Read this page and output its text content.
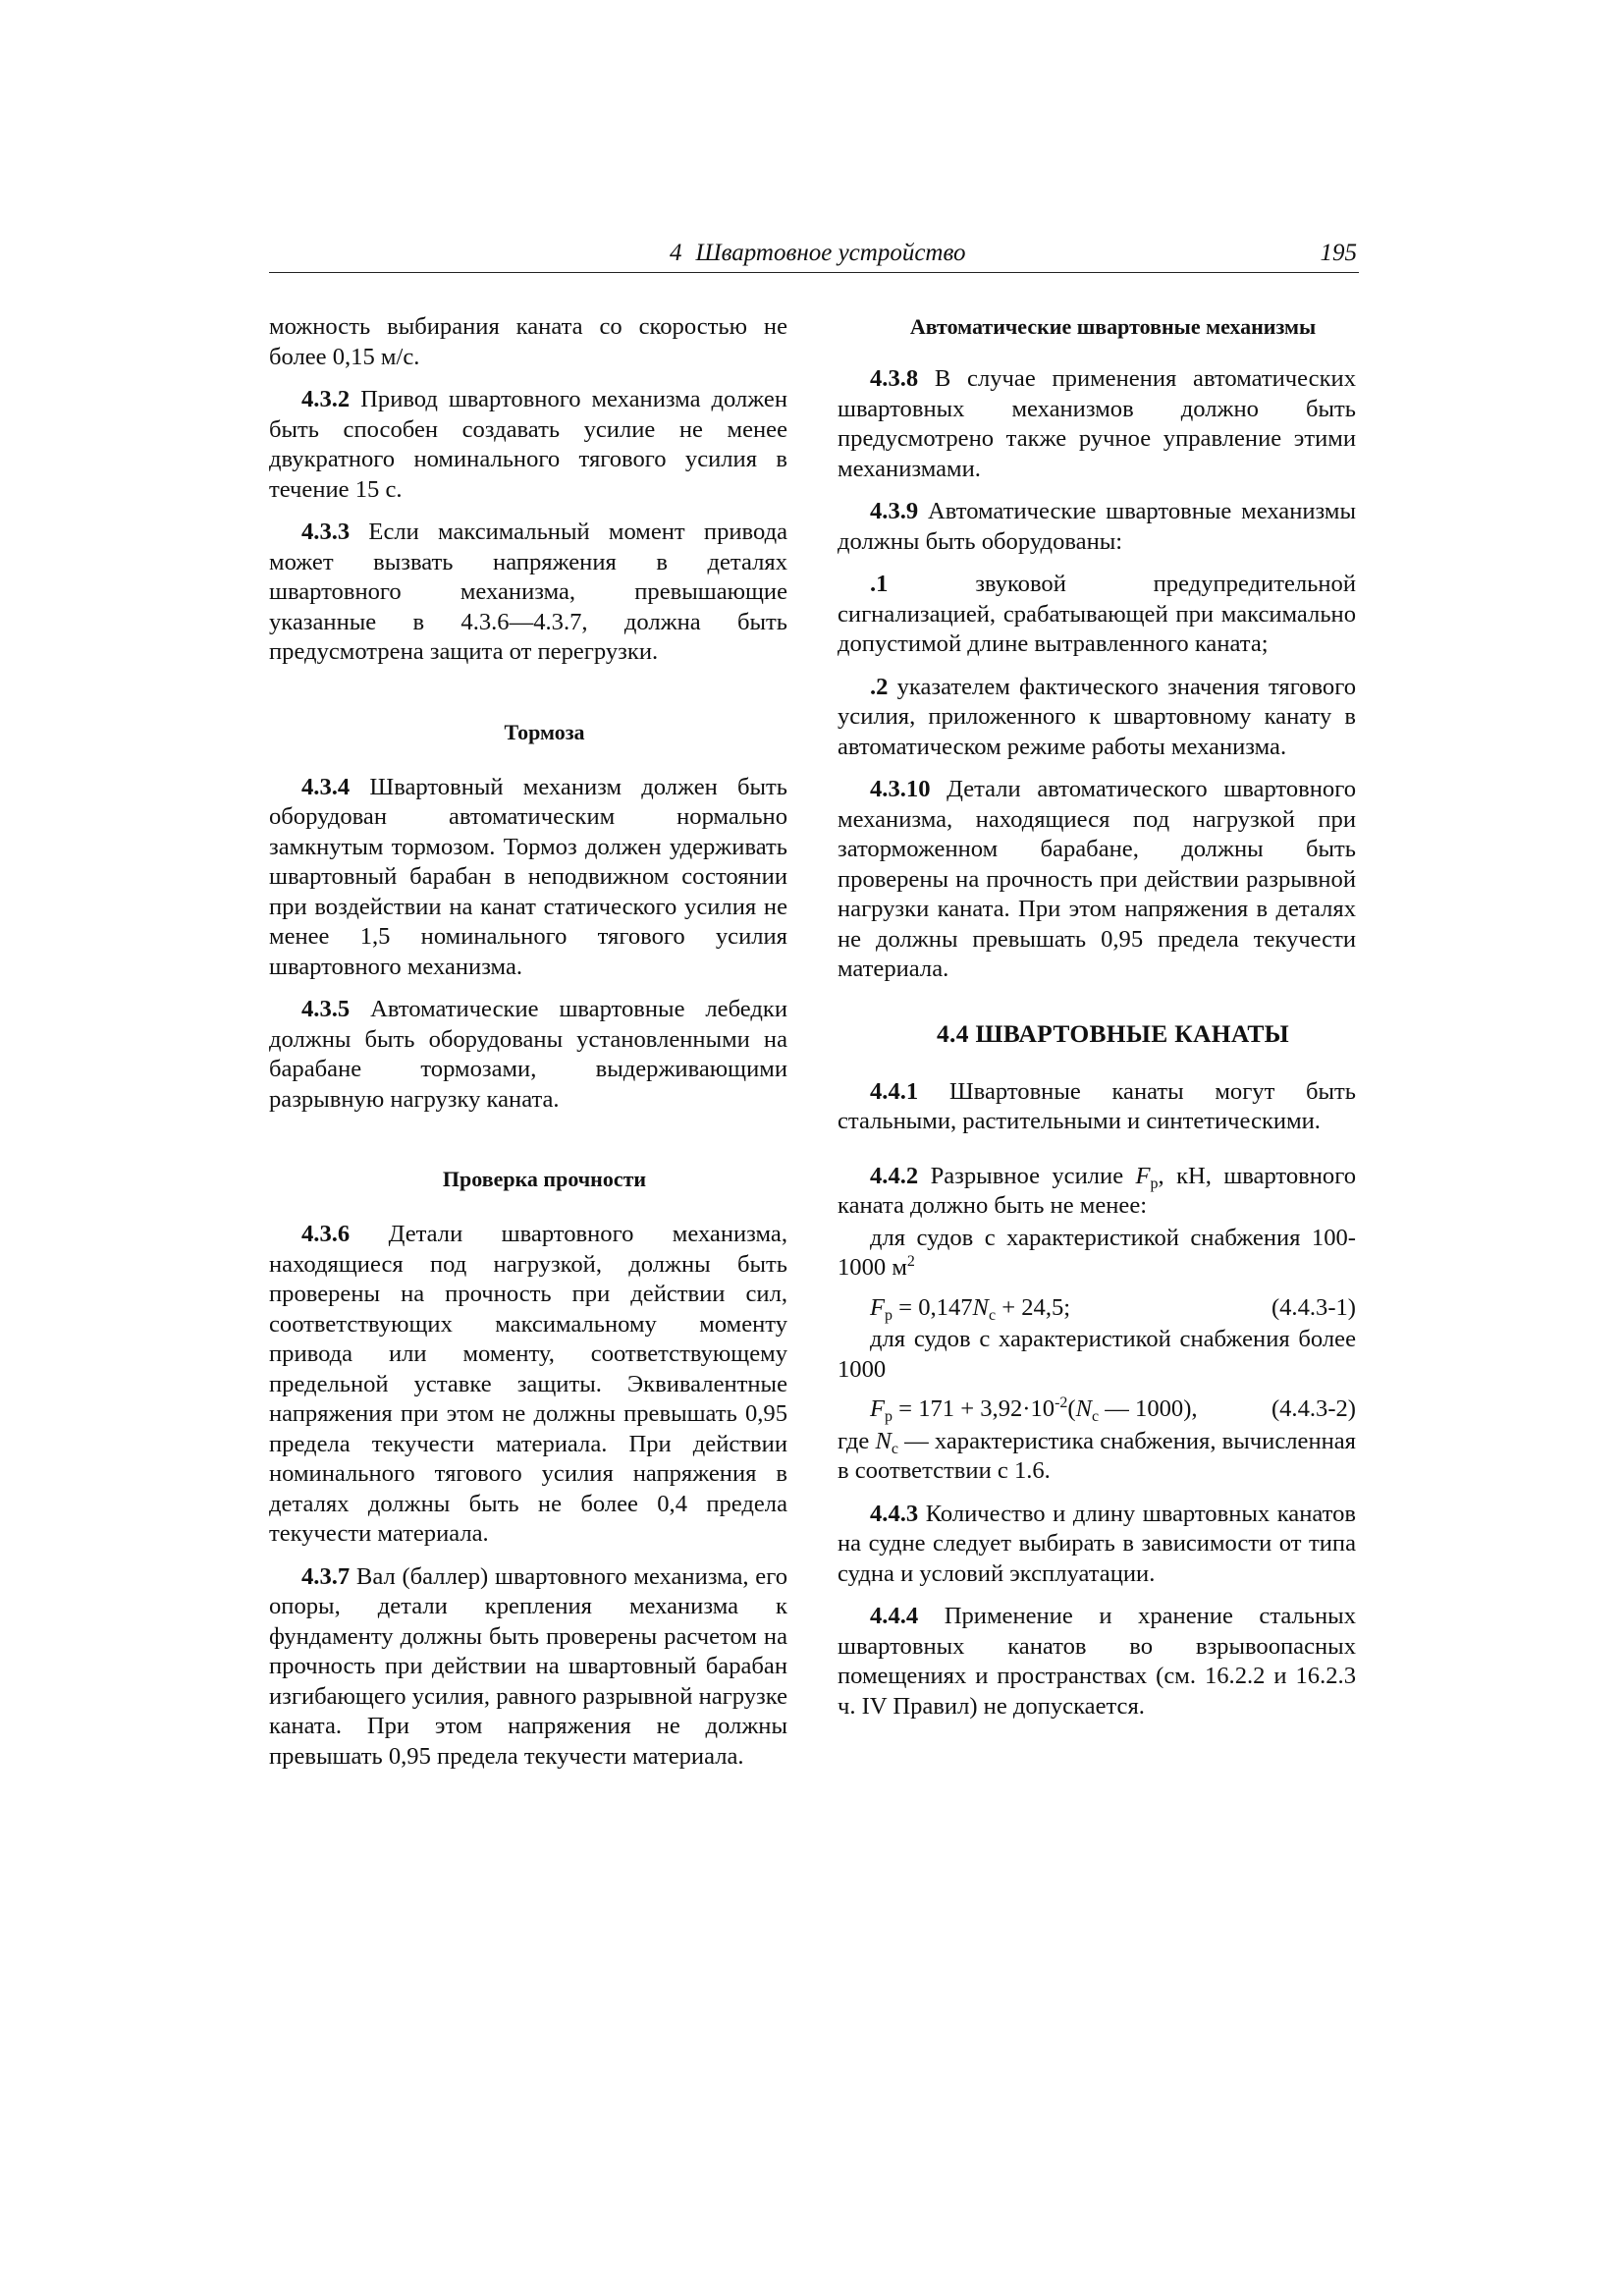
4 Швартовное устройство	195

можность выбирания каната со скоростью не более 0,15 м/с.

4.3.2 Привод швартовного механизма должен быть способен создавать усилие не менее двукратного номинального тягового усилия в течение 15 с.

4.3.3 Если максимальный момент привода может вызвать напряжения в деталях швартовного механизма, превышающие указанные в 4.3.6—4.3.7, должна быть предусмотрена защита от перегрузки.

Тормоза

4.3.4 Швартовный механизм должен быть оборудован автоматическим нормально замкнутым тормозом. Тормоз должен удерживать швартовный барабан в неподвижном состоянии при воздействии на канат статического усилия не менее 1,5 номинального тягового усилия швартовного механизма.

4.3.5 Автоматические швартовные лебедки должны быть оборудованы установленными на барабане тормозами, выдерживающими разрывную нагрузку каната.

Проверка прочности

4.3.6 Детали швартовного механизма, находящиеся под нагрузкой, должны быть проверены на прочность при действии сил, соответствующих максимальному моменту привода или моменту, соответствующему предельной уставке защиты. Эквивалентные напряжения при этом не должны превышать 0,95 предела текучести материала. При действии номинального тягового усилия напряжения в деталях должны быть не более 0,4 предела текучести материала.

4.3.7 Вал (баллер) швартовного механизма, его опоры, детали крепления механизма к фундаменту должны быть проверены расчетом на прочность при действии на швартовный барабан изгибающего усилия, равного разрывной нагрузке каната. При этом напряжения не должны превышать 0,95 предела текучести материала.

Автоматические швартовные механизмы

4.3.8 В случае применения автоматических швартовных механизмов должно быть предусмотрено также ручное управление этими механизмами.

4.3.9 Автоматические швартовные механизмы должны быть оборудованы:

.1 звуковой предупредительной сигнализацией, срабатывающей при максимально допустимой длине вытравленного каната;

.2 указателем фактического значения тягового усилия, приложенного к швартовному канату в автоматическом режиме работы механизма.

4.3.10 Детали автоматического швартовного механизма, находящиеся под нагрузкой при заторможенном барабане, должны быть проверены на прочность при действии разрывной нагрузки каната. При этом напряжения в деталях не должны превышать 0,95 предела текучести материала.

4.4 ШВАРТОВНЫЕ КАНАТЫ

4.4.1 Швартовные канаты могут быть стальными, растительными и синтетическими.

4.4.2 Разрывное усилие $F_р$, кН, швартовного каната должно быть не менее:

для судов с характеристикой снабжения 100-1000 $м^2$

$F_р = 0,147N_с + 24,5$;	(4.4.3-1)

для судов с характеристикой снабжения более 1000

$F_р = 171 + 3,92\cdot 10^{-2}(N_с$ — 1000),	(4.4.3-2)

где $N_с$ — характеристика снабжения, вычисленная в соответствии с 1.6.

4.4.3 Количество и длину швартовных канатов на судне следует выбирать в зависимости от типа судна и условий эксплуатации.

4.4.4 Применение и хранение стальных швартовных канатов во взрывоопасных помещениях и пространствах (см. 16.2.2 и 16.2.3 ч. IV Правил) не допускается.
